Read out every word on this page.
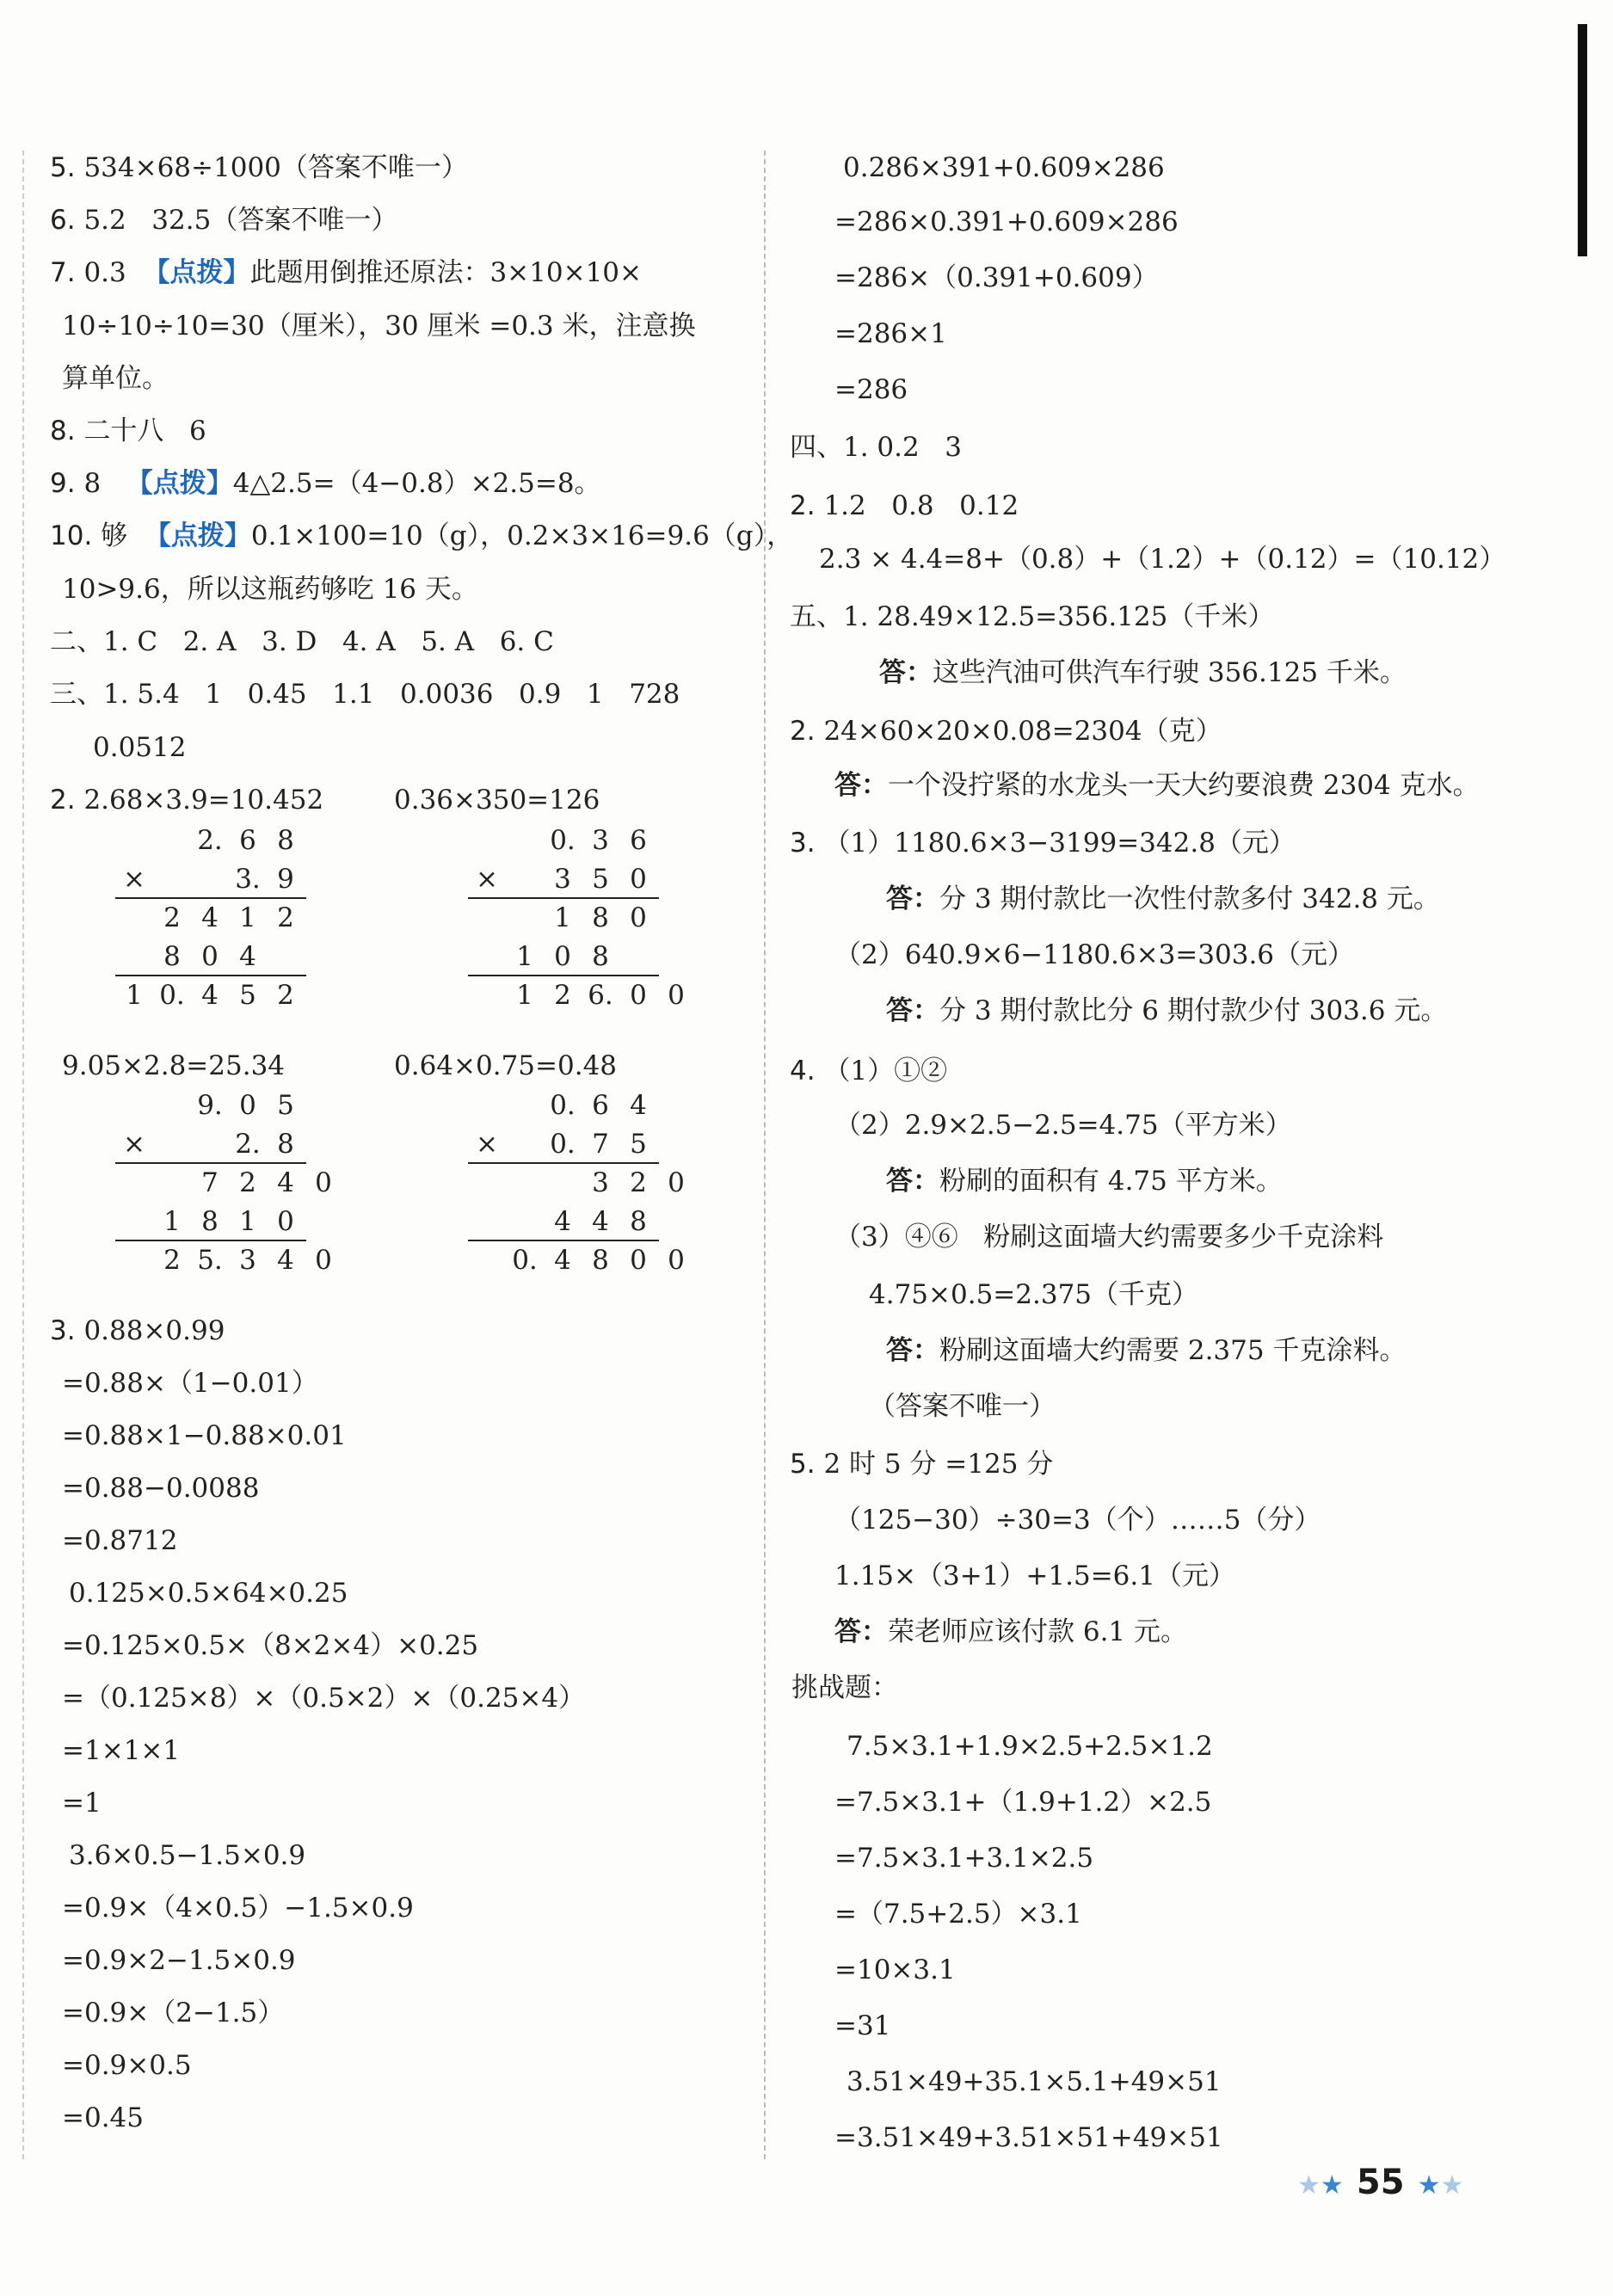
5. 534×68÷1000（答案不唯一）
6. 5.2   32.5（答案不唯一）
7. 0.3  【点拨】此题用倒推还原法：3×10×10×
10÷10÷10=30（厘米），30 厘米 =0.3 米，注意换
算单位。
8. 二十八   6
9. 8   【点拨】4△2.5=（4−0.8）×2.5=8。
10. 够  【点拨】0.1×100=10（g），0.2×3×16=9.6（g），
10>9.6，所以这瓶药够吃 16 天。
二、1. C   2. A   3. D   4. A   5. A   6. C
三、1. 5.4   1   0.45   1.1   0.0036   0.9   1   728
0.0512
2. 2.68×3.9=10.452	0.36×350=126
9.05×2.8=25.34	0.64×0.75=0.48
3. 0.88×0.99
=0.88×（1−0.01）
=0.88×1−0.88×0.01
=0.88−0.0088
=0.8712
0.125×0.5×64×0.25
=0.125×0.5×（8×2×4）×0.25
=（0.125×8）×（0.5×2）×（0.25×4）
=1×1×1
=1
3.6×0.5−1.5×0.9
=0.9×（4×0.5）−1.5×0.9
=0.9×2−1.5×0.9
=0.9×（2−1.5）
=0.9×0.5
=0.45
2. 6 8
×	3. 9
2 4 1 2
8 0 4
1 0. 4 5 2
0. 3 6
× 3 5 0
1 8 0
1 0 8
1 2 6. 0 0
9. 0 5
×	2. 8
7 2 4 0
1 8 1 0
2 5. 3 4 0
0. 6 4
× 0. 7 5
3 2 0
4 4 8
0. 4 8 0 0
0.286×391+0.609×286
=286×0.391+0.609×286
=286×（0.391+0.609）
=286×1
=286
四、1. 0.2   3
2. 1.2   0.8   0.12
2.3 × 4.4=8+（0.8）+（1.2）+（0.12）=（10.12）
五、1. 28.49×12.5=356.125（千米）
答：这些汽油可供汽车行驶 356.125 千米。
2. 24×60×20×0.08=2304（克）
答：一个没拧紧的水龙头一天大约要浪费 2304 克水。
3. （1）1180.6×3−3199=342.8（元）
答：分 3 期付款比一次性付款多付 342.8 元。
（2）640.9×6−1180.6×3=303.6（元）
答：分 3 期付款比分 6 期付款少付 303.6 元。
4. （1）①②
（2）2.9×2.5−2.5=4.75（平方米）
答：粉刷的面积有 4.75 平方米。
（3）④⑥   粉刷这面墙大约需要多少千克涂料
4.75×0.5=2.375（千克）
答：粉刷这面墙大约需要 2.375 千克涂料。
（答案不唯一）
5. 2 时 5 分 =125 分
（125−30）÷30=3（个）……5（分）
1.15×（3+1）+1.5=6.1（元）
答：荣老师应该付款 6.1 元。
挑战题：
7.5×3.1+1.9×2.5+2.5×1.2
=7.5×3.1+（1.9+1.2）×2.5
=7.5×3.1+3.1×2.5
=（7.5+2.5）×3.1
=10×3.1
=31
3.51×49+35.1×5.1+49×51
=3.51×49+3.51×51+49×51
★★ 55 ★★
